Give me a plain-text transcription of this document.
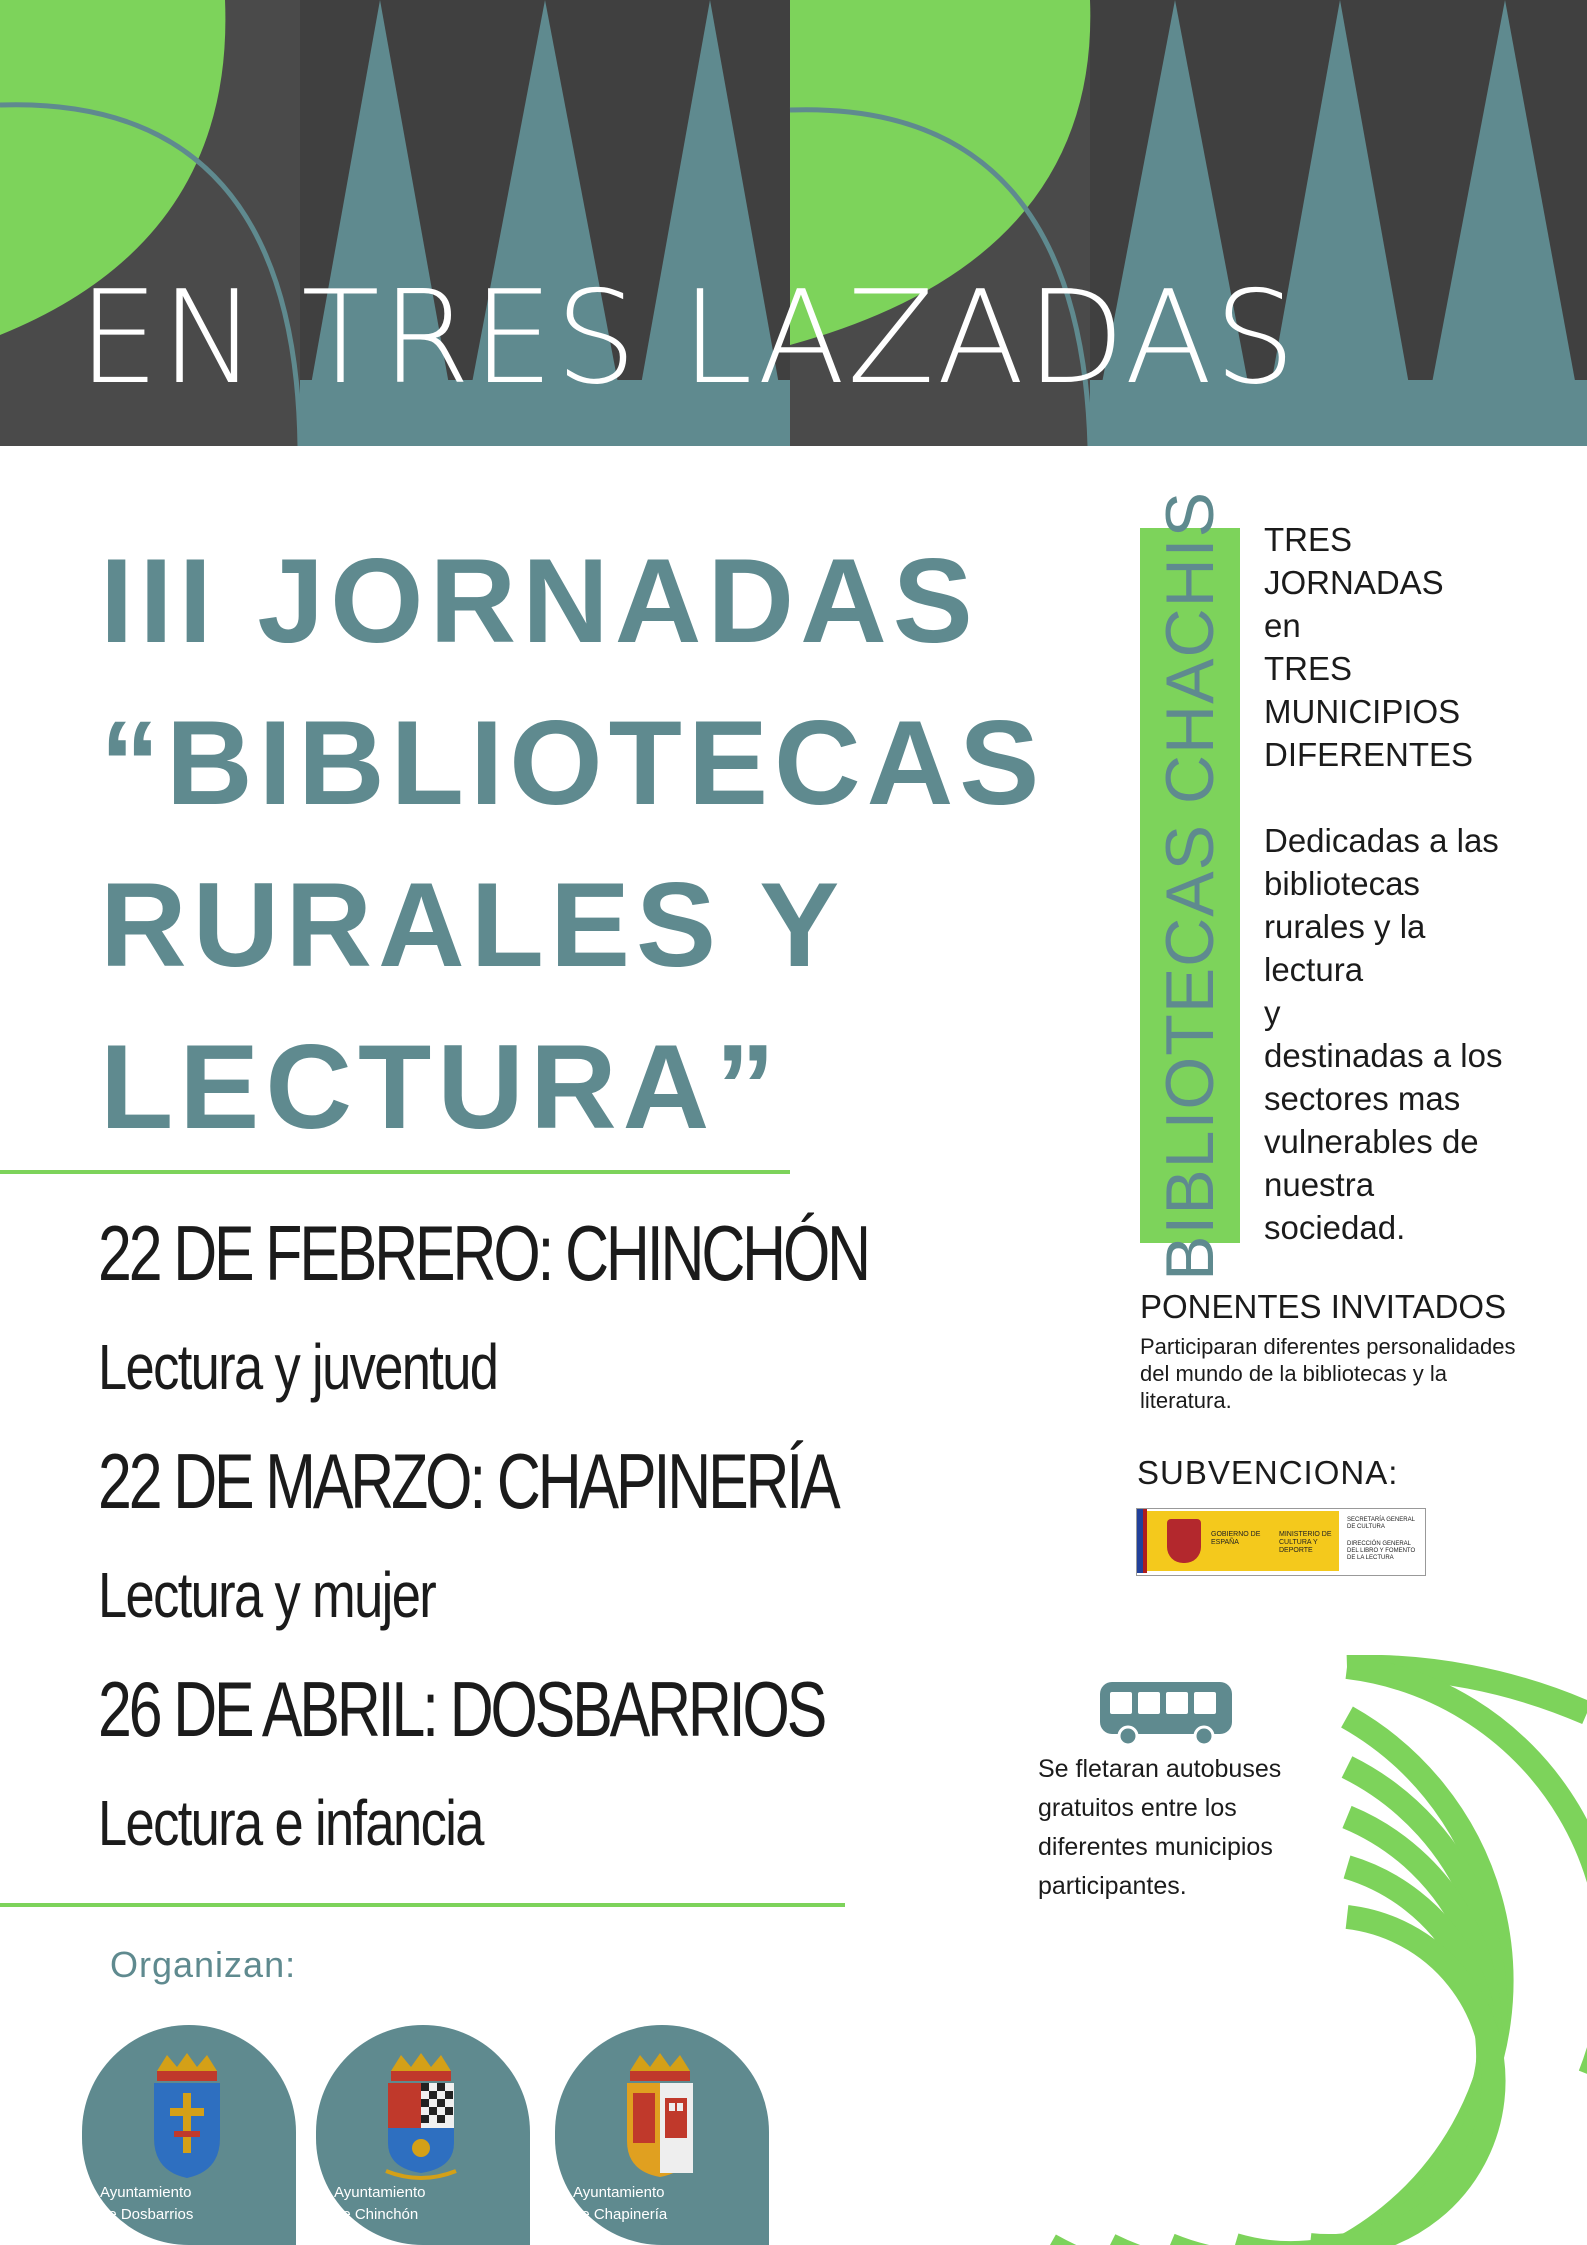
EN TRES LAZADAS
III JORNADAS
“BIBLIOTECAS
RURALES Y
LECTURA”
22 DE FEBRERO: CHINCHÓN
Lectura y juventud
22 DE MARZO: CHAPINERÍA
Lectura y mujer
26 DE ABRIL: DOSBARRIOS
Lectura e infancia
Organizan:
Ayuntamiento
de Dosbarrios
Ayuntamiento
de Chinchón
Ayuntamiento
de Chapinería
BIBLIOTECAS CHACHIS TRES
JORNADAS
en
TRES
MUNICIPIOS
DIFERENTES
Dedicadas a las
bibliotecas
rurales y la
lectura
y
destinadas a los
sectores mas
vulnerables de
nuestra
sociedad.
PONENTES INVITADOS
Participaran diferentes personalidades del mundo de la bibliotecas y la literatura.
SUBVENCIONA:
GOBIERNO DE ESPAÑA
MINISTERIO DE CULTURA Y DEPORTE
SECRETARÍA GENERAL DE CULTURA
DIRECCIÓN GENERAL DEL LIBRO Y FOMENTO DE LA LECTURA
Se fletaran autobuses gratuitos entre los diferentes municipios participantes.
